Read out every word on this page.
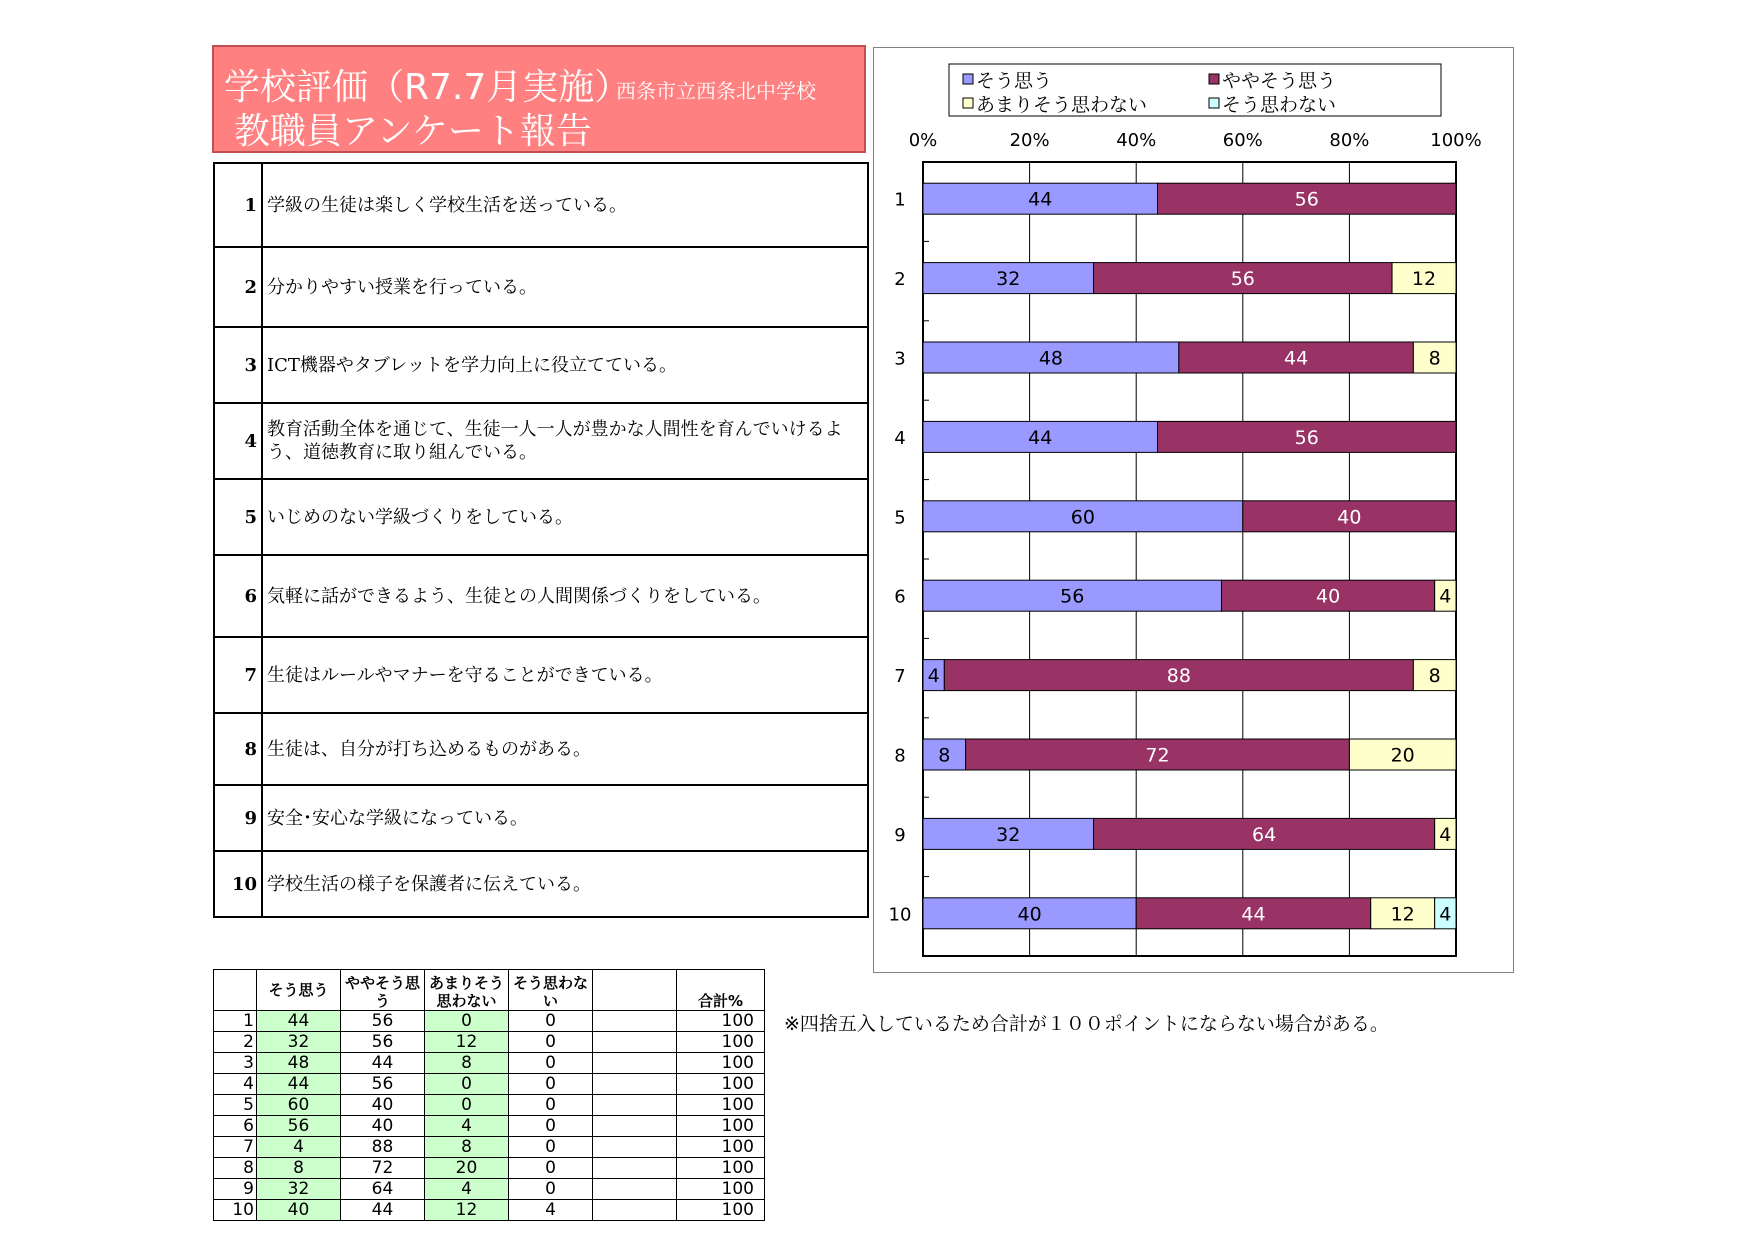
学校評価（R7.7月実施）
西条市立西条北中学校
教職員アンケート報告
1	学級の生徒は楽しく学校生活を送っている。
2	分かりやすい授業を行っている。
3	ICT機器やタブレットを学力向上に役立てている。
4	教育活動全体を通じて、生徒一人一人が豊かな人間性を育んでいけるよう、道徳教育に取り組んでいる。
5	いじめのない学級づくりをしている。
6	気軽に話ができるよう、生徒との人間関係づくりをしている。
7	生徒はルールやマナーを守ることができている。
8	生徒は、自分が打ち込めるものがある。
9	安全･安心な学級になっている。
10	学校生活の様子を保護者に伝えている。
そう思う	ややそう思う
あまりそう思わない	そう思わない
0%	20%	40%	60%	80%	100%
1
2
3
4
5
6
7
8
9
10
44	56
32	56	12
48	44	8
44	56
60	40
56	40	4
4	88	8
8	72	20
32	64	4
40	44	12 4
	そう思う	ややそう思う	あまりそう思わない	そう思わない		合計%
1	44	56	0	0		100
2	32	56	12	0		100
3	48	44	8	0		100
4	44	56	0	0		100
5	60	40	0	0		100
6	56	40	4	0		100
7	4	88	8	0		100
8	8	72	20	0		100
9	32	64	4	0		100
10	40	44	12	4		100
※四捨五入しているため合計が１００ポイントにならない場合がある。
